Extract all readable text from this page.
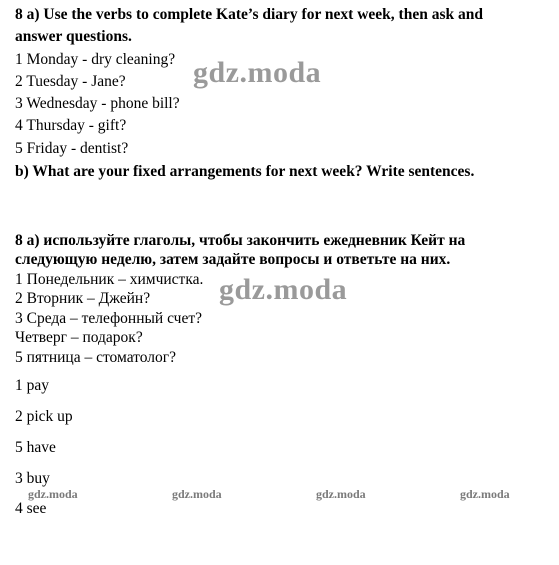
8 a) Use the verbs to complete Kate’s diary for next week, then ask and
answer questions.
1 Monday - dry cleaning?
2 Tuesday - Jane?
3 Wednesday - phone bill?
4 Thursday - gift?
5 Friday - dentist?
b) What are your fixed arrangements for next week? Write sentences.
8 а) используйте глаголы, чтобы закончить ежедневник Кейт на
следующую неделю, затем задайте вопросы и ответьте на них.
1 Понедельник – химчистка.
2 Вторник – Джейн?
3 Среда – телефонный счет?
Четверг – подарок?
5 пятница – стоматолог?
1 pay
2 pick up
5 have
3 buy
4 see
gdz.moda
gdz.moda
gdz.moda	gdz.moda	gdz.moda	gdz.moda
